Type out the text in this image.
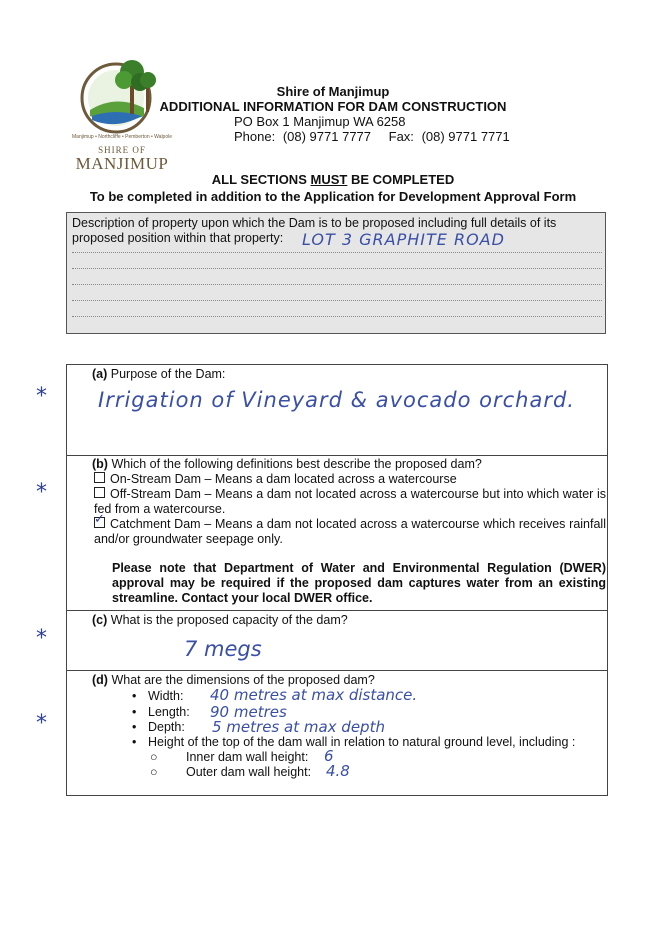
SHIRE OF
MANJIMUP
Manjimup • Northcliffe • Pemberton • Walpole
Shire of Manjimup
ADDITIONAL INFORMATION FOR DAM CONSTRUCTION
PO Box 1 Manjimup WA 6258
Phone: (08) 9771 7777 Fax: (08) 9771 7771
ALL SECTIONS MUST BE COMPLETED
To be completed in addition to the Application for Development Approval Form
Description of property upon which the Dam is to be proposed including full details of its
proposed position within that property: LOT 3 GRAPHITE ROAD
(a) Purpose of the Dam:
* Irrigation of Vineyard & avocado orchard.
(b) Which of the following definitions best describe the proposed dam?
*
On-Stream Dam – Means a dam located across a watercourse
Off-Stream Dam – Means a dam not located across a watercourse but into which water is fed from a watercourse.
✓Catchment Dam – Means a dam not located across a watercourse which receives rainfall and/or groundwater seepage only.
Please note that Department of Water and Environmental Regulation (DWER) approval may be required if the proposed dam captures water from an existing streamline. Contact your local DWER office.
(c) What is the proposed capacity of the dam?
*	7 megs
(d) What are the dimensions of the proposed dam?
*
• Width: 40 metres at max distance.
• Length: 90 metres
• Depth: 5 metres at max depth
• Height of the top of the dam wall in relation to natural ground level, including :
○ Inner dam wall height: 6
○ Outer dam wall height: 4.8
